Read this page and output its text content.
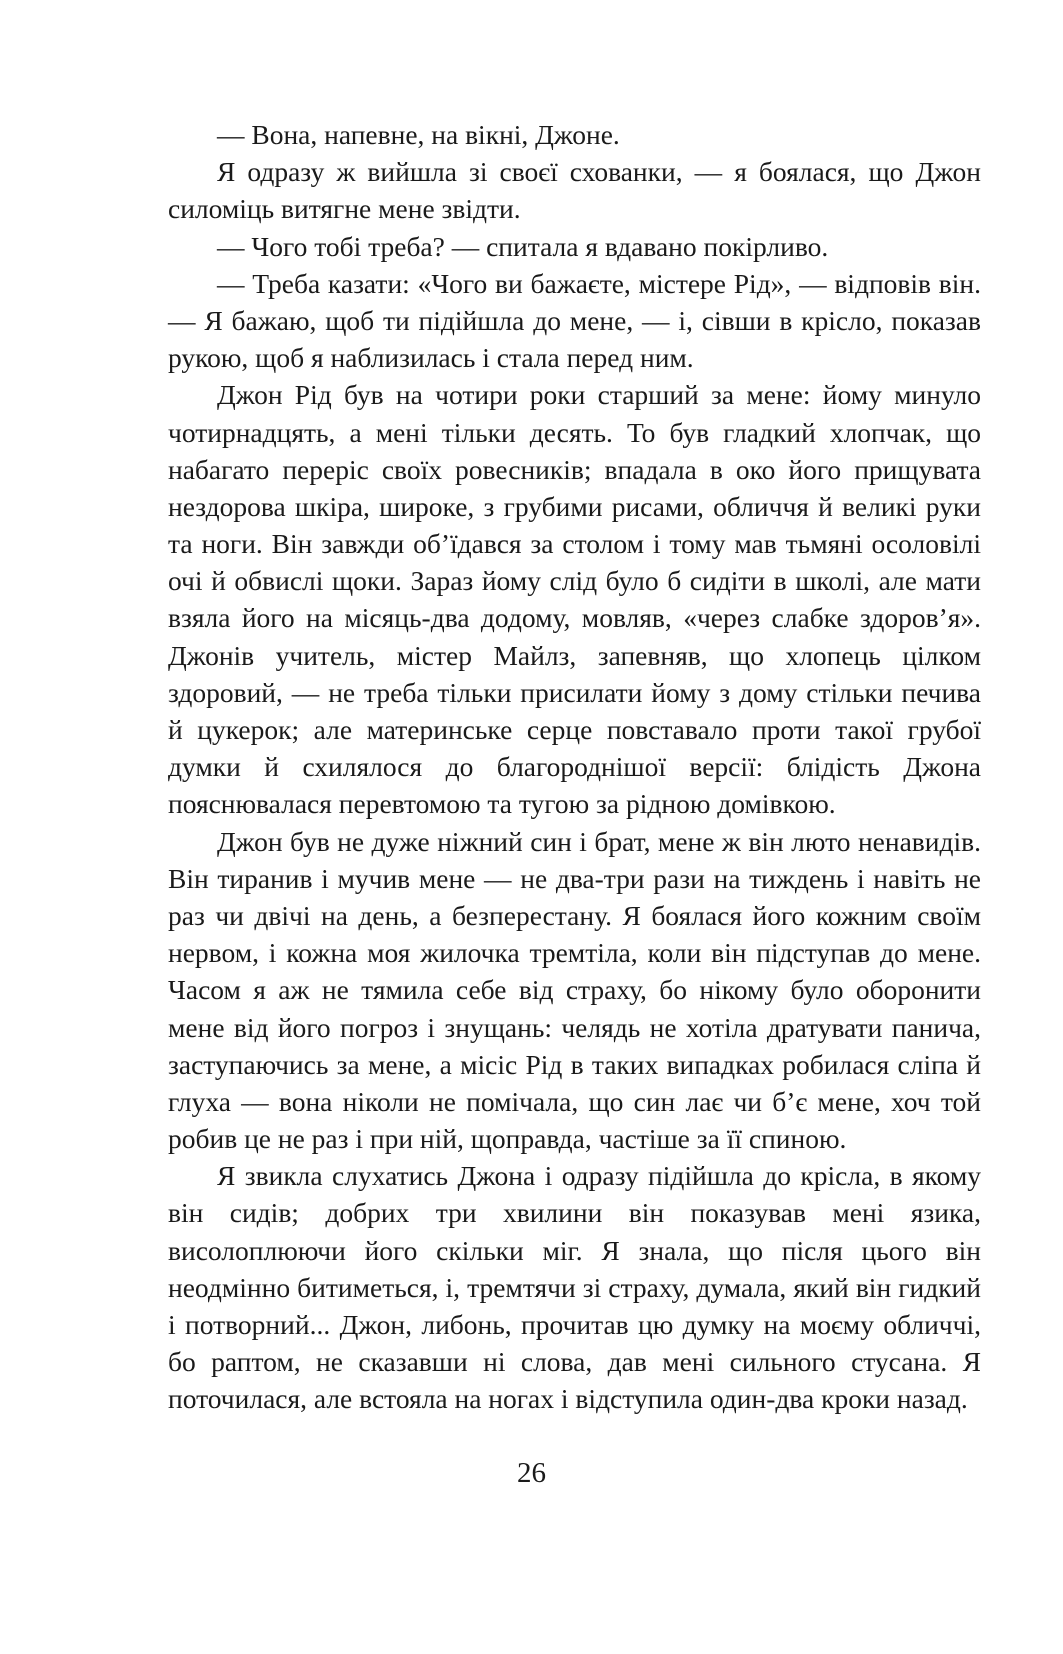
— Вона, напевне, на вікні, Джоне.

Я одразу ж вийшла зі своєї схованки, — я боялася, що Джон силоміць витягне мене звідти.

— Чого тобі треба? — спитала я вдавано покірливо.

— Треба казати: «Чого ви бажаєте, містере Рід», — відповів він. — Я бажаю, щоб ти підійшла до мене, — і, сівши в крісло, показав рукою, щоб я наблизилась і стала перед ним.

Джон Рід був на чотири роки старший за мене: йому минуло чотирнадцять, а мені тільки десять. То був гладкий хлопчак, що набагато переріс своїх ровесників; впадала в око його прищувата нездорова шкіра, широке, з грубими рисами, обличчя й великі руки та ноги. Він завжди об’їдався за столом і тому мав тьмяні осоловілі очі й обвислі щоки. Зараз йому слід було б сидіти в школі, але мати взяла його на місяць-два додому, мовляв, «через слабке здоров’я». Джонів учитель, містер Майлз, запевняв, що хлопець цілком здоровий, — не треба тільки присилати йому з дому стільки печива й цукерок; але материнське серце повставало проти такої грубої думки й схилялося до благороднішої версії: блідість Джона пояснювалася перевтомою та тугою за рідною домівкою.

Джон був не дуже ніжний син і брат, мене ж він люто ненавидів. Він тиранив і мучив мене — не два-три рази на тиждень і навіть не раз чи двічі на день, а безперестану. Я боялася його кожним своїм нервом, і кожна моя жилочка тремтіла, коли він підступав до мене. Часом я аж не тямила себе від страху, бо нікому було оборонити мене від його погроз і знущань: челядь не хотіла дратувати панича, заступаючись за мене, а місіс Рід в таких випадках робилася сліпа й глуха — вона ніколи не помічала, що син лає чи б’є мене, хоч той робив це не раз і при ній, щоправда, частіше за її спиною.

Я звикла слухатись Джона і одразу підійшла до крісла, в якому він сидів; добрих три хвилини він показував мені язика, висолоплюючи його скільки міг. Я знала, що після цього він неодмінно битиметься, і, тремтячи зі страху, думала, який він гидкий і потворний... Джон, либонь, прочитав цю думку на моєму обличчі, бо раптом, не сказавши ні слова, дав мені сильного стусана. Я поточилася, але встояла на ногах і відступила один-два кроки назад.

26
